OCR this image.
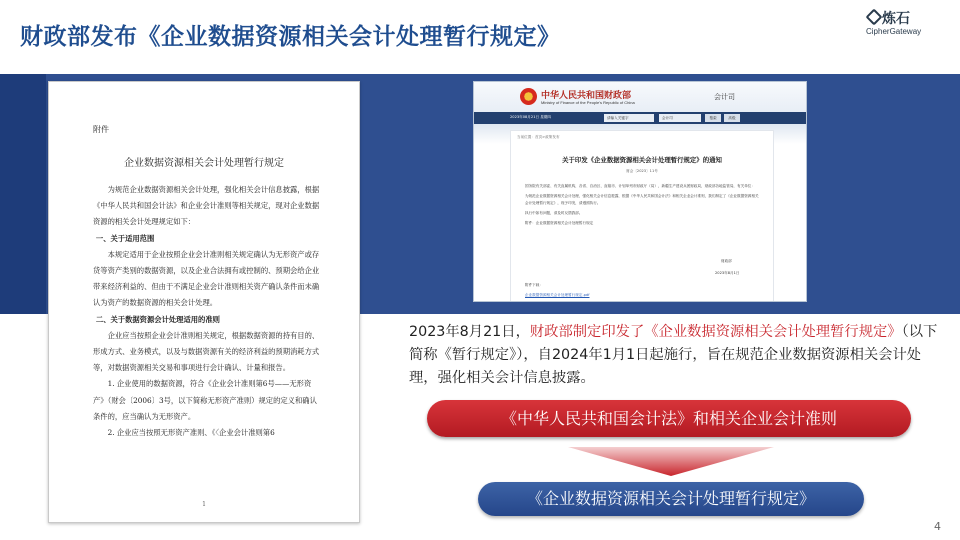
财政部发布《企业数据资源相关会计处理暂行规定》
炼石
CipherGateway
附件
企业数据资源相关会计处理暂行规定

为规范企业数据资源相关会计处理，强化相关会计信息披露，根据《中华人民共和国会计法》和企业会计准则等相关规定，现对企业数据资源的相关会计处理规定如下：

一、关于适用范围

本规定适用于企业按照企业会计准则相关规定确认为无形资产或存货等资产类别的数据资源，以及企业合法拥有或控制的、预期会给企业带来经济利益的、但由于不满足企业会计准则相关资产确认条件而未确认为资产的数据资源的相关会计处理。

二、关于数据资源会计处理适用的准则

企业应当按照企业会计准则相关规定，根据数据资源的持有目的、形成方式、业务模式，以及与数据资源有关的经济利益的预期消耗方式等，对数据资源相关交易和事项进行会计确认、计量和报告。

1. 企业使用的数据资源，符合《企业会计准则第6号——无形资产》（财会〔2006〕3号，以下简称无形资产准则）规定的定义和确认条件的，应当确认为无形资产。

2. 企业应当按照无形资产准则、《〈企业会计准则第6

1
中华人民共和国财政部
Ministry of Finance of the People's Republic of China
会计司
2023年08月21日 星期四	请输入关键字	会计司	搜索	高级
当前位置：首页>政策发布
关于印发《企业数据资源相关会计处理暂行规定》的通知
财会〔2023〕11号

国务院有关部委、有关直属机构，各省、自治区、直辖市、计划单列市财政厅（局），新疆生产建设兵团财政局，财政部各地监管局，有关单位：

为规范企业数据资源相关会计处理，强化相关会计信息披露，根据《中华人民共和国会计法》和相关企业会计准则，我们制定了《企业数据资源相关会计处理暂行规定》，现予印发，请遵照执行。

执行中如有问题，请及时反馈我部。

附件：企业数据资源相关会计处理暂行规定

财政部
2023年8月1日
附件下载：
企业数据资源相关会计处理暂行规定.pdf
2023年8月21日，财政部制定印发了《企业数据资源相关会计处理暂行规定》（以下简称《暂行规定》），自2024年1月1日起施行，旨在规范企业数据资源相关会计处理，强化相关会计信息披露。
《中华人民共和国会计法》和相关企业会计准则
《企业数据资源相关会计处理暂行规定》
4
